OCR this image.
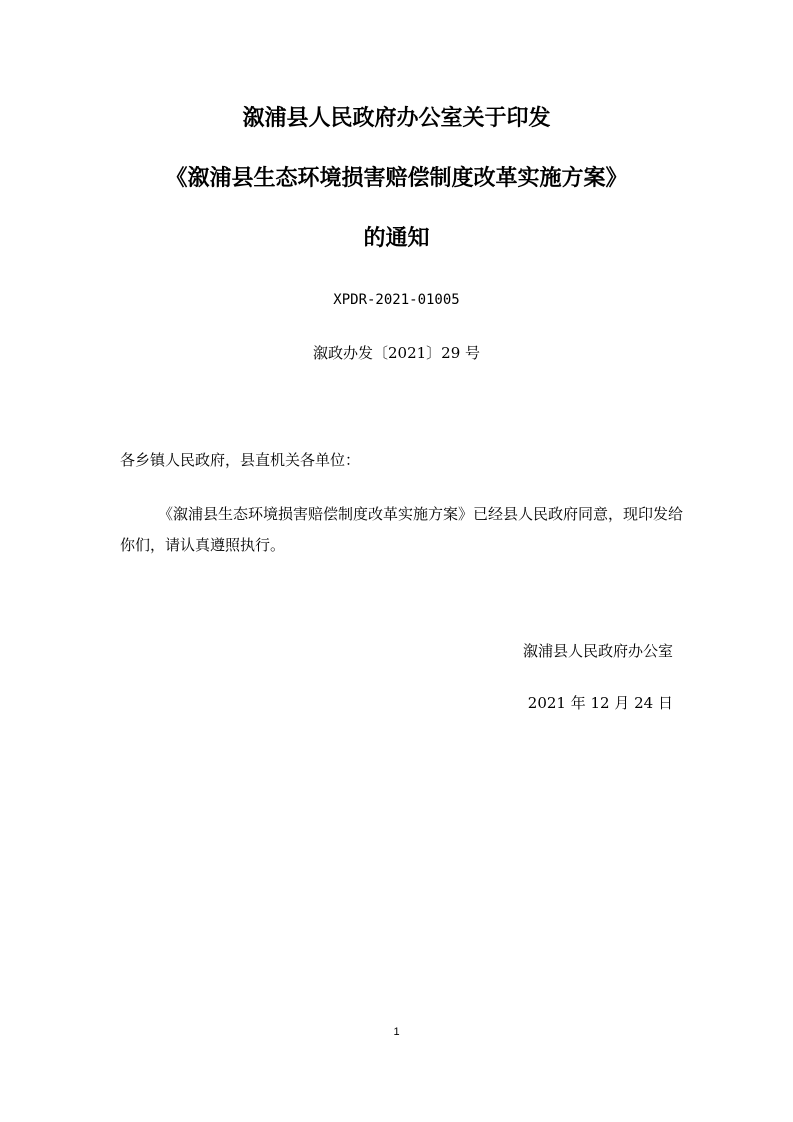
溆浦县人民政府办公室关于印发
《溆浦县生态环境损害赔偿制度改革实施方案》
的通知
XPDR-2021-01005
溆政办发〔2021〕29 号
各乡镇人民政府，县直机关各单位：
《溆浦县生态环境损害赔偿制度改革实施方案》已经县人民政府同意，现印发给你们，请认真遵照执行。
溆浦县人民政府办公室
2021 年 12 月 24 日
1
